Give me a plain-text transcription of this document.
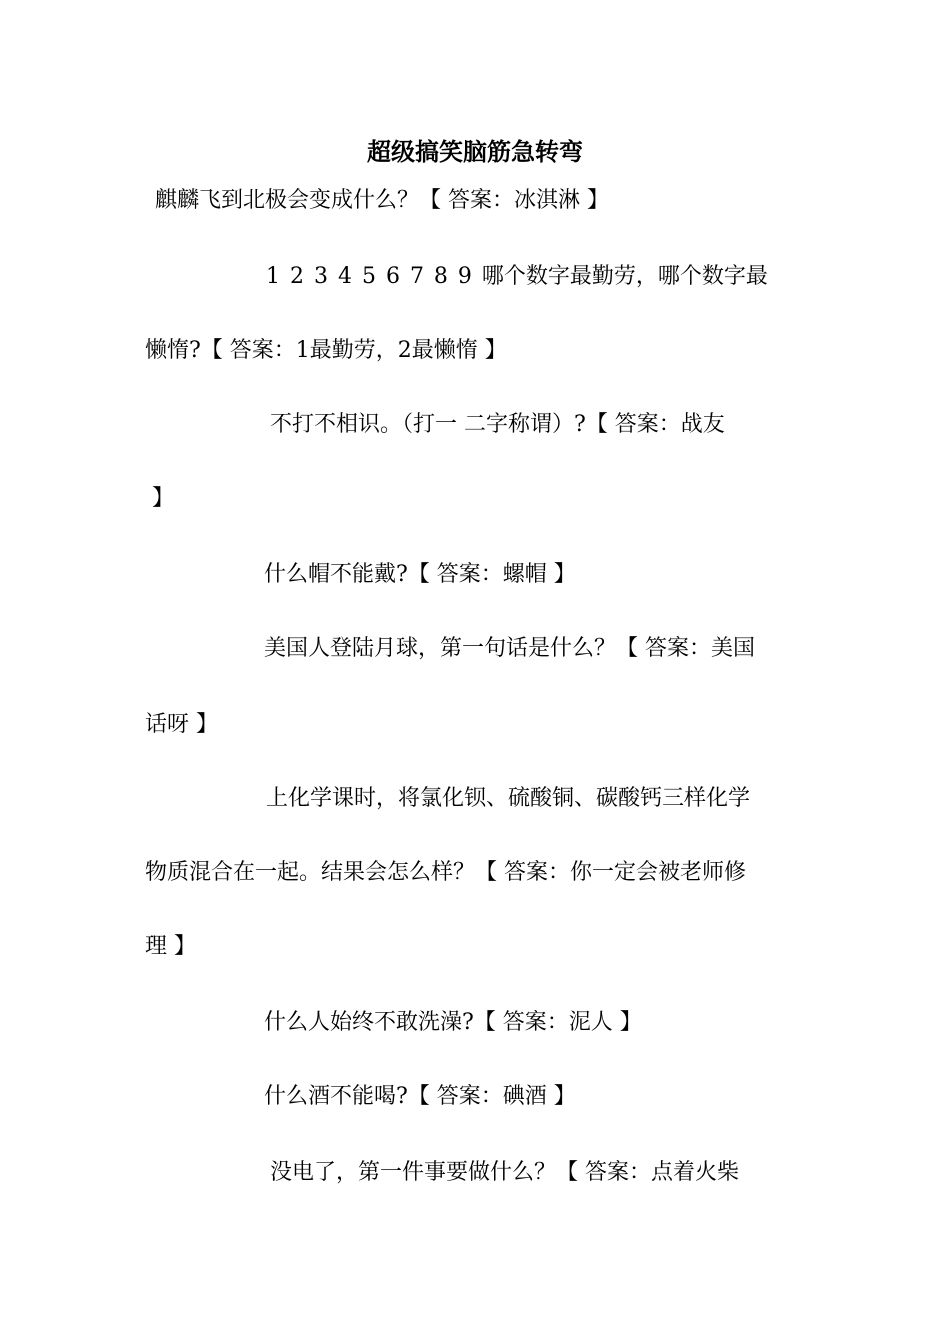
超级搞笑脑筋急转弯
麒麟飞到北极会变成什么？【 答案：冰淇淋 】
1 2 3 4 5 6 7 8 9 哪个数字最勤劳，哪个数字最
懒惰?【 答案：1最勤劳，2最懒惰 】
不打不相识。（打一 二字称谓）?【 答案：战友
】
什么帽不能戴?【 答案：螺帽 】
美国人登陆月球，第一句话是什么？【 答案：美国
话呀 】
上化学课时，将氯化钡、硫酸铜、碳酸钙三样化学
物质混合在一起。结果会怎么样？【 答案：你一定会被老师修
理 】
什么人始终不敢洗澡?【 答案：泥人 】
什么酒不能喝?【 答案：碘酒 】
没电了，第一件事要做什么？【 答案：点着火柴
